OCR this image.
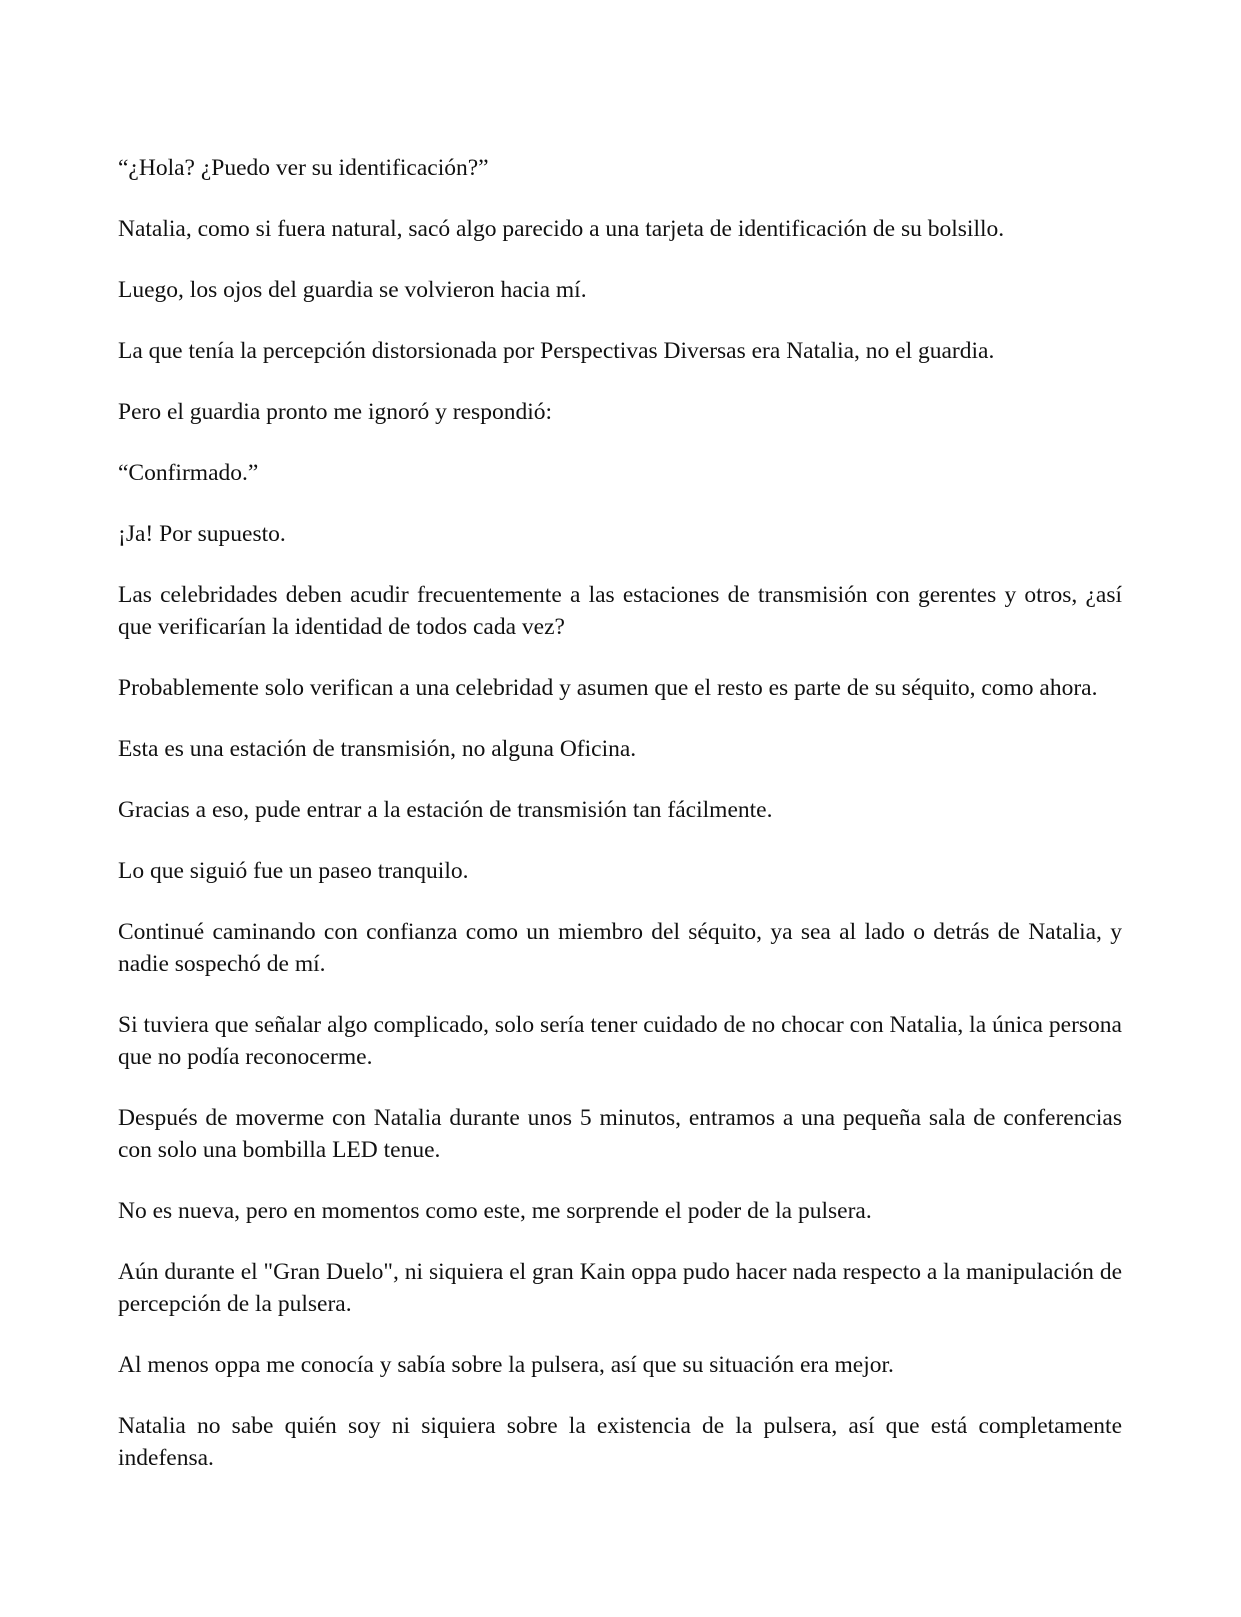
“¿Hola? ¿Puedo ver su identificación?”

Natalia, como si fuera natural, sacó algo parecido a una tarjeta de identificación de su bolsillo.

Luego, los ojos del guardia se volvieron hacia mí.

La que tenía la percepción distorsionada por Perspectivas Diversas era Natalia, no el guardia.

Pero el guardia pronto me ignoró y respondió:

“Confirmado.”

¡Ja! Por supuesto.

Las celebridades deben acudir frecuentemente a las estaciones de transmisión con gerentes y otros, ¿así que verificarían la identidad de todos cada vez?

Probablemente solo verifican a una celebridad y asumen que el resto es parte de su séquito, como ahora.

Esta es una estación de transmisión, no alguna Oficina.

Gracias a eso, pude entrar a la estación de transmisión tan fácilmente.

Lo que siguió fue un paseo tranquilo.

Continué caminando con confianza como un miembro del séquito, ya sea al lado o detrás de Natalia, y nadie sospechó de mí.

Si tuviera que señalar algo complicado, solo sería tener cuidado de no chocar con Natalia, la única persona que no podía reconocerme.

Después de moverme con Natalia durante unos 5 minutos, entramos a una pequeña sala de conferencias con solo una bombilla LED tenue.

No es nueva, pero en momentos como este, me sorprende el poder de la pulsera.

Aún durante el "Gran Duelo", ni siquiera el gran Kain oppa pudo hacer nada respecto a la manipulación de percepción de la pulsera.

Al menos oppa me conocía y sabía sobre la pulsera, así que su situación era mejor.

Natalia no sabe quién soy ni siquiera sobre la existencia de la pulsera, así que está completamente indefensa.
